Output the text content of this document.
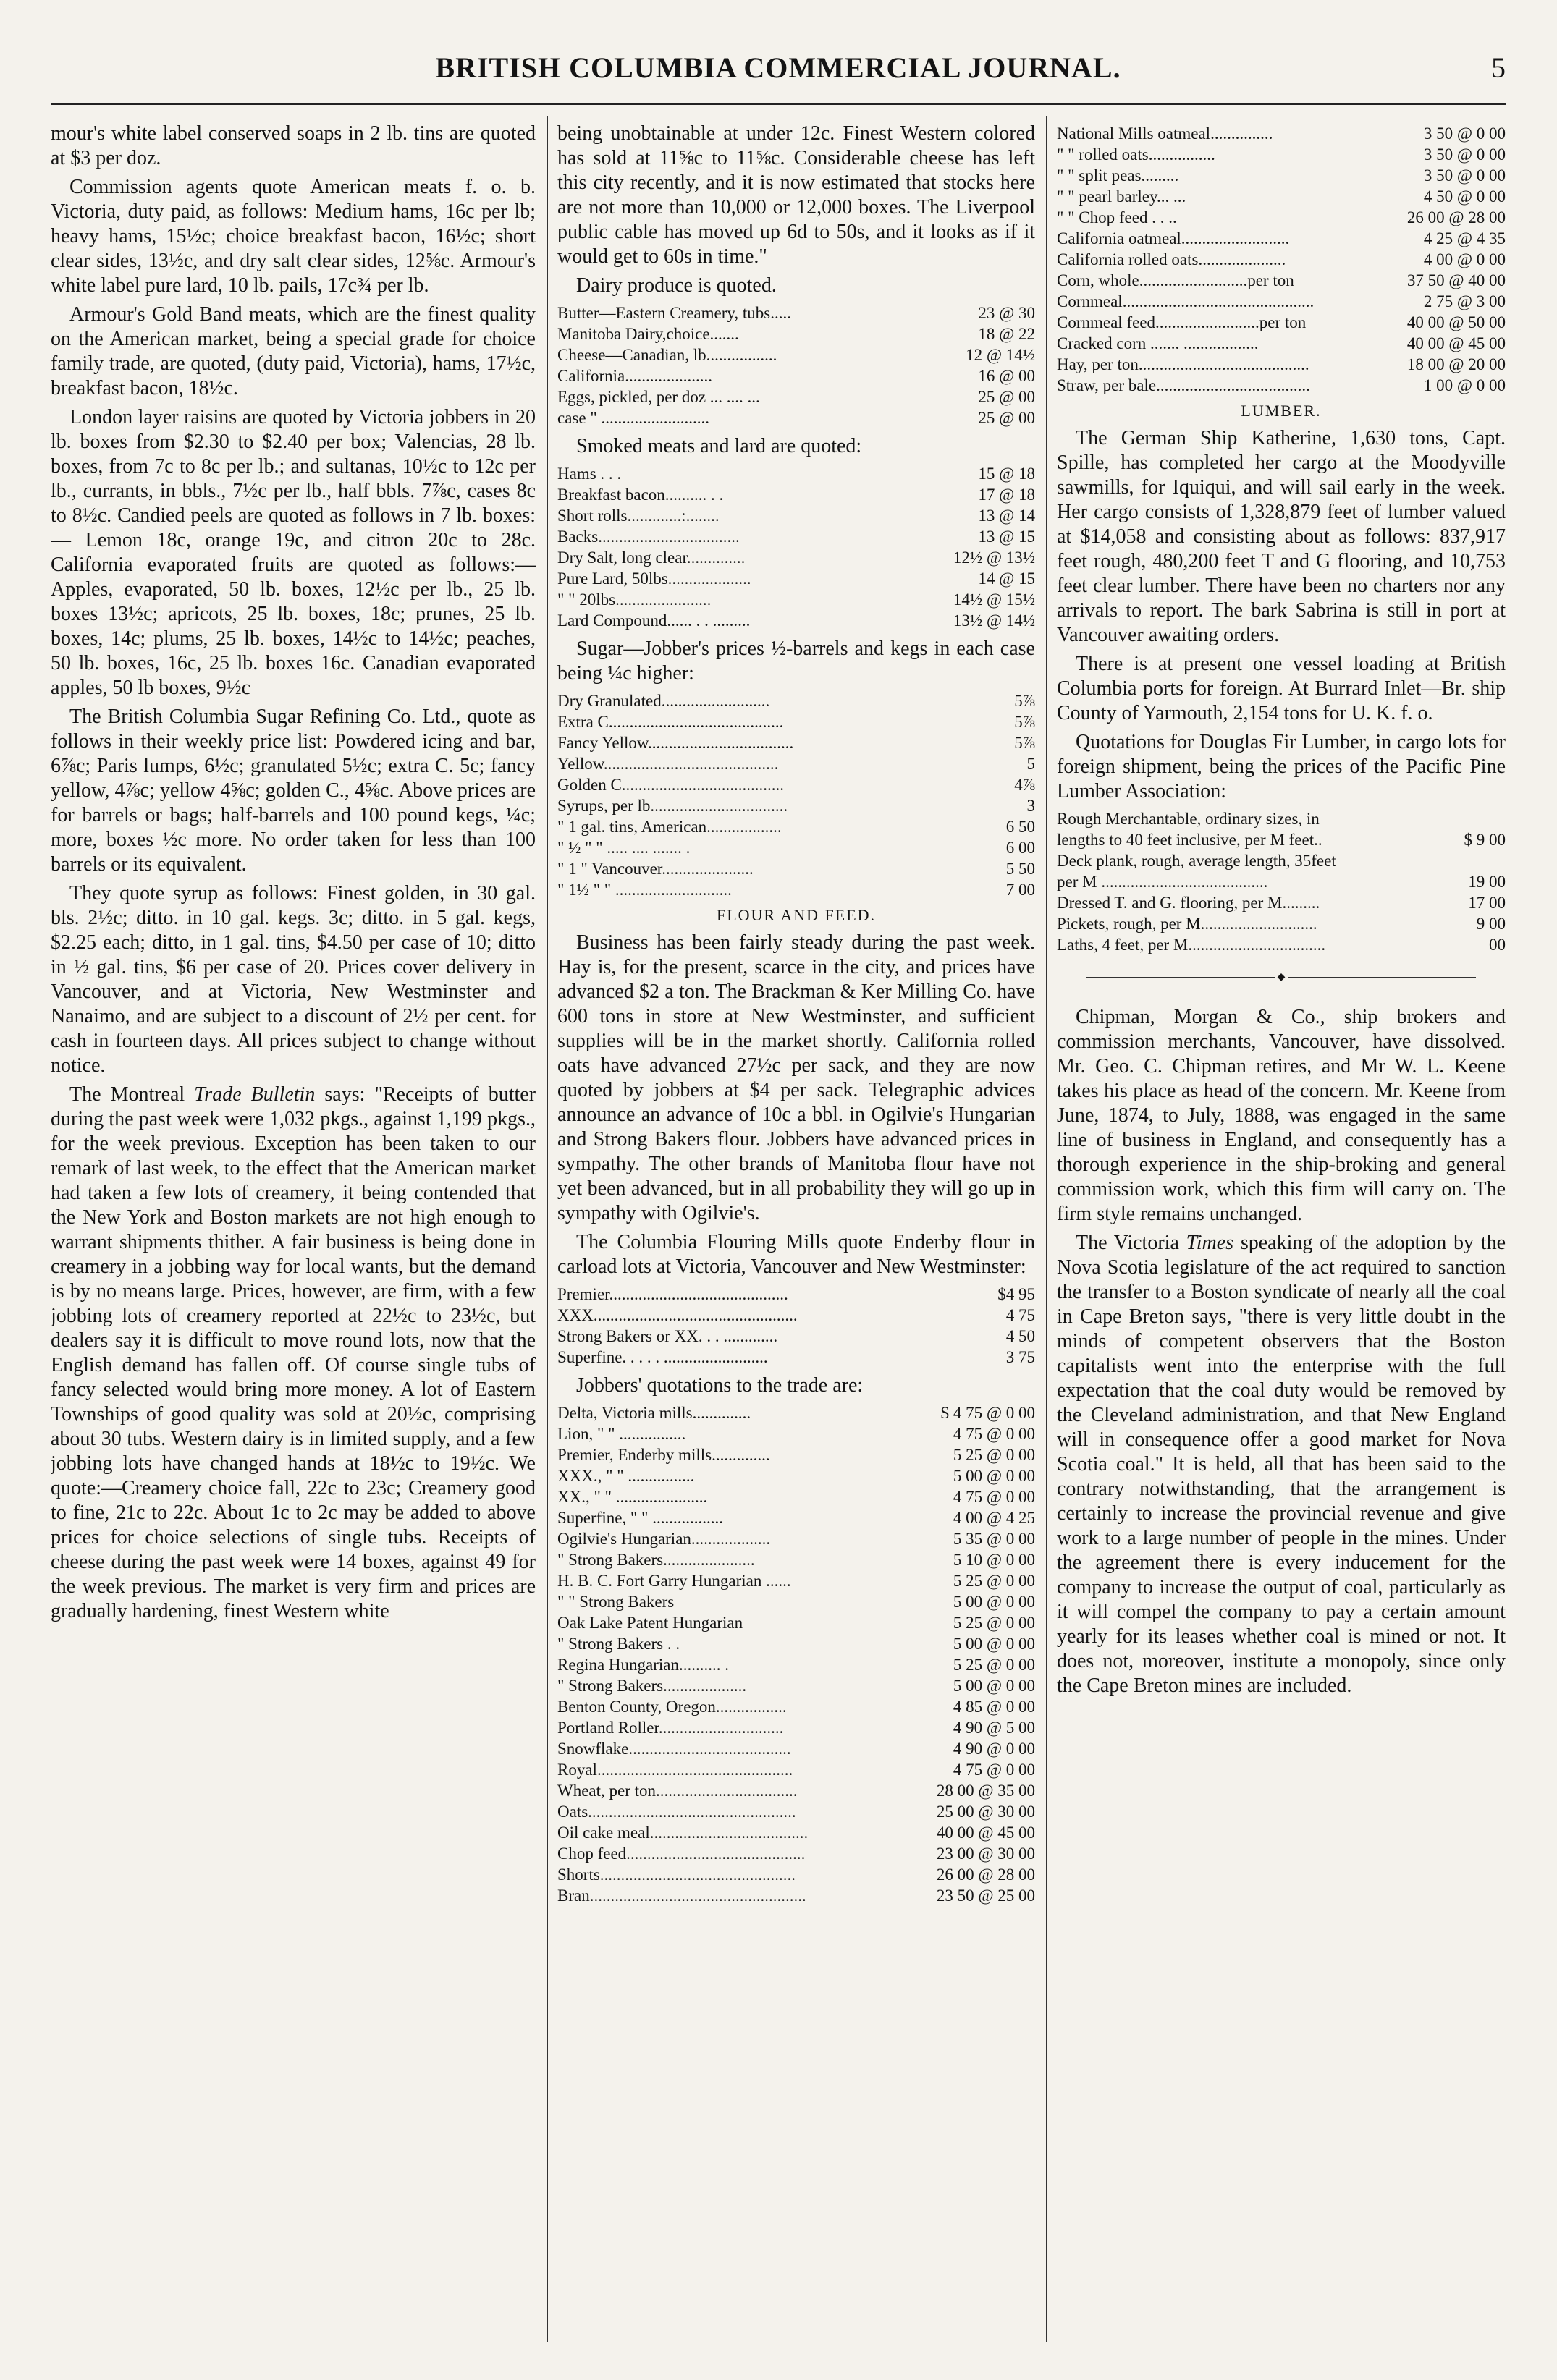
BRITISH COLUMBIA COMMERCIAL JOURNAL.	5

mour's white label conserved soaps in 2 lb. tins are quoted at $3 per doz.

Commission agents quote American meats f. o. b. Victoria, duty paid, as follows: Medium hams, 16c per lb; heavy hams, 15½c; choice breakfast bacon, 16½c; short clear sides, 13½c, and dry salt clear sides, 12⅝c. Armour's white label pure lard, 10 lb. pails, 17c¾ per lb.

Armour's Gold Band meats, which are the finest quality on the American market, being a special grade for choice family trade, are quoted, (duty paid, Victoria), hams, 17½c, breakfast bacon, 18½c.

London layer raisins are quoted by Victoria jobbers in 20 lb. boxes from $2.30 to $2.40 per box; Valencias, 28 lb. boxes, from 7c to 8c per lb.; and sultanas, 10½c to 12c per lb., currants, in bbls., 7½c per lb., half bbls. 7⅞c, cases 8c to 8½c. Candied peels are quoted as follows in 7 lb. boxes:— Lemon 18c, orange 19c, and citron 20c to 28c. California evaporated fruits are quoted as follows:—Apples, evaporated, 50 lb. boxes, 12½c per lb., 25 lb. boxes 13½c; apricots, 25 lb. boxes, 18c; prunes, 25 lb. boxes, 14c; plums, 25 lb. boxes, 14½c to 14½c; peaches, 50 lb. boxes, 16c, 25 lb. boxes 16c. Canadian evaporated apples, 50 lb boxes, 9½c

The British Columbia Sugar Refining Co. Ltd., quote as follows in their weekly price list: Powdered icing and bar, 6⅞c; Paris lumps, 6½c; granulated 5½c; extra C. 5c; fancy yellow, 4⅞c; yellow 4⅝c; golden C., 4⅝c. Above prices are for barrels or bags; half-barrels and 100 pound kegs, ¼c; more, boxes ½c more. No order taken for less than 100 barrels or its equivalent.

They quote syrup as follows: Finest golden, in 30 gal. bls. 2½c; ditto. in 10 gal. kegs. 3c; ditto. in 5 gal. kegs, $2.25 each; ditto, in 1 gal. tins, $4.50 per case of 10; ditto in ½ gal. tins, $6 per case of 20. Prices cover delivery in Vancouver, and at Victoria, New Westminster and Nanaimo, and are subject to a discount of 2½ per cent. for cash in fourteen days. All prices subject to change without notice.

The Montreal Trade Bulletin says: "Receipts of butter during the past week were 1,032 pkgs., against 1,199 pkgs., for the week previous. Exception has been taken to our remark of last week, to the effect that the American market had taken a few lots of creamery, it being contended that the New York and Boston markets are not high enough to warrant shipments thither. A fair business is being done in creamery in a jobbing way for local wants, but the demand is by no means large. Prices, however, are firm, with a few jobbing lots of creamery reported at 22½c to 23½c, but dealers say it is difficult to move round lots, now that the English demand has fallen off. Of course single tubs of fancy selected would bring more money. A lot of Eastern Townships of good quality was sold at 20½c, comprising about 30 tubs. Western dairy is in limited supply, and a few jobbing lots have changed hands at 18½c to 19½c. We quote:—Creamery choice fall, 22c to 23c; Creamery good to fine, 21c to 22c. About 1c to 2c may be added to above prices for choice selections of single tubs. Receipts of cheese during the past week were 14 boxes, against 49 for the week previous. The market is very firm and prices are gradually hardening, finest Western white

being unobtainable at under 12c. Finest Western colored has sold at 11⅝c to 11⅝c. Considerable cheese has left this city recently, and it is now estimated that stocks here are not more than 10,000 or 12,000 boxes. The Liverpool public cable has moved up 6d to 50s, and it looks as if it would get to 60s in time."

Dairy produce is quoted.

Butter—Eastern Creamery, tubs.....	23 @ 30
Manitoba Dairy,choice.......	18 @ 22
Cheese—Canadian, lb.................	12 @ 14½
California.....................	16 @ 00
Eggs, pickled, per doz ... .... ...	25 @ 00
case " ..........................	25 @ 00

Smoked meats and lard are quoted:

Hams . . .	15 @ 18
Breakfast bacon.......... . .	17 @ 18
Short rolls.............:........	13 @ 14
Backs..................................	13 @ 15
Dry Salt, long clear..............	12½ @ 13½
Pure Lard, 50lbs....................	14 @ 15
" " 20lbs.......................	14½ @ 15½
Lard Compound...... . . .........	13½ @ 14½

Sugar—Jobber's prices ½-barrels and kegs in each case being ¼c higher:

Dry Granulated..........................	5⅞
Extra C..........................................	5⅞
Fancy Yellow...................................	5⅞
Yellow..........................................	5
Golden C.......................................	4⅞
Syrups, per lb.................................	3
" 1 gal. tins, American..................	6 50
" ½ " " ..... .... ....... .	6 00
" 1 " Vancouver......................	5 50
" 1½ " " ............................	7 00
FLOUR AND FEED.

Business has been fairly steady during the past week. Hay is, for the present, scarce in the city, and prices have advanced $2 a ton. The Brackman & Ker Milling Co. have 600 tons in store at New Westminster, and sufficient supplies will be in the market shortly. California rolled oats have advanced 27½c per sack, and they are now quoted by jobbers at $4 per sack. Telegraphic advices announce an advance of 10c a bbl. in Ogilvie's Hungarian and Strong Bakers flour. Jobbers have advanced prices in sympathy. The other brands of Manitoba flour have not yet been advanced, but in all probability they will go up in sympathy with Ogilvie's.

The Columbia Flouring Mills quote Enderby flour in carload lots at Victoria, Vancouver and New Westminster:

Premier...........................................	$4 95
XXX.................................................	4 75
Strong Bakers or XX. . . .............	4 50
Superfine. . . . . .........................	3 75

Jobbers' quotations to the trade are:

Delta, Victoria mills..............	$ 4 75 @ 0 00
Lion, " " ................	4 75 @ 0 00
Premier, Enderby mills..............	5 25 @ 0 00
XXX., " " ................	5 00 @ 0 00
XX., " " ......................	4 75 @ 0 00
Superfine, " " .................	4 00 @ 4 25
Ogilvie's Hungarian...................	5 35 @ 0 00
" Strong Bakers......................	5 10 @ 0 00
H. B. C. Fort Garry Hungarian ......	5 25 @ 0 00
" " Strong Bakers	5 00 @ 0 00
Oak Lake Patent Hungarian	5 25 @ 0 00
" Strong Bakers . .	5 00 @ 0 00
Regina Hungarian.......... .	5 25 @ 0 00
" Strong Bakers....................	5 00 @ 0 00
Benton County, Oregon.................	4 85 @ 0 00
Portland Roller..............................	4 90 @ 5 00
Snowflake.......................................	4 90 @ 0 00
Royal...............................................	4 75 @ 0 00
Wheat, per ton..................................	28 00 @ 35 00
Oats..................................................	25 00 @ 30 00
Oil cake meal......................................	40 00 @ 45 00
Chop feed...........................................	23 00 @ 30 00
Shorts...............................................	26 00 @ 28 00
Bran....................................................	23 50 @ 25 00
National Mills oatmeal...............	3 50 @ 0 00
" " rolled oats................	3 50 @ 0 00
" " split peas.........	3 50 @ 0 00
" " pearl barley... ...	4 50 @ 0 00
" " Chop feed . . ..	26 00 @ 28 00
California oatmeal..........................	4 25 @ 4 35
California rolled oats.....................	4 00 @ 0 00
Corn, whole..........................per ton	37 50 @ 40 00
Cornmeal..............................................	2 75 @ 3 00
Cornmeal feed.........................per ton	40 00 @ 50 00
Cracked corn ....... ..................	40 00 @ 45 00
Hay, per ton.........................................	18 00 @ 20 00
Straw, per bale.....................................	1 00 @ 0 00
LUMBER.

The German Ship Katherine, 1,630 tons, Capt. Spille, has completed her cargo at the Moodyville sawmills, for Iquiqui, and will sail early in the week. Her cargo consists of 1,328,879 feet of lumber valued at $14,058 and consisting about as follows: 837,917 feet rough, 480,200 feet T and G flooring, and 10,753 feet clear lumber. There have been no charters nor any arrivals to report. The bark Sabrina is still in port at Vancouver awaiting orders.

There is at present one vessel loading at British Columbia ports for foreign. At Burrard Inlet—Br. ship County of Yarmouth, 2,154 tons for U. K. f. o.

Quotations for Douglas Fir Lumber, in cargo lots for foreign shipment, being the prices of the Pacific Pine Lumber Association:

Rough Merchantable, ordinary sizes, in	
lengths to 40 feet inclusive, per M feet..	$ 9 00
Deck plank, rough, average length, 35feet	
per M ........................................	19 00
Dressed T. and G. flooring, per M.........	17 00
Pickets, rough, per M............................	9 00
Laths, 4 feet, per M.................................	00
◆

Chipman, Morgan & Co., ship brokers and commission merchants, Vancouver, have dissolved. Mr. Geo. C. Chipman retires, and Mr W. L. Keene takes his place as head of the concern. Mr. Keene from June, 1874, to July, 1888, was engaged in the same line of business in England, and consequently has a thorough experience in the ship-broking and general commission work, which this firm will carry on. The firm style remains unchanged.

The Victoria Times speaking of the adoption by the Nova Scotia legislature of the act required to sanction the transfer to a Boston syndicate of nearly all the coal in Cape Breton says, "there is very little doubt in the minds of competent observers that the Boston capitalists went into the enterprise with the full expectation that the coal duty would be removed by the Cleveland administration, and that New England will in consequence offer a good market for Nova Scotia coal." It is held, all that has been said to the contrary notwithstanding, that the arrangement is certainly to increase the provincial revenue and give work to a large number of people in the mines. Under the agreement there is every inducement for the company to increase the output of coal, particularly as it will compel the company to pay a certain amount yearly for its leases whether coal is mined or not. It does not, moreover, institute a monopoly, since only the Cape Breton mines are included.
